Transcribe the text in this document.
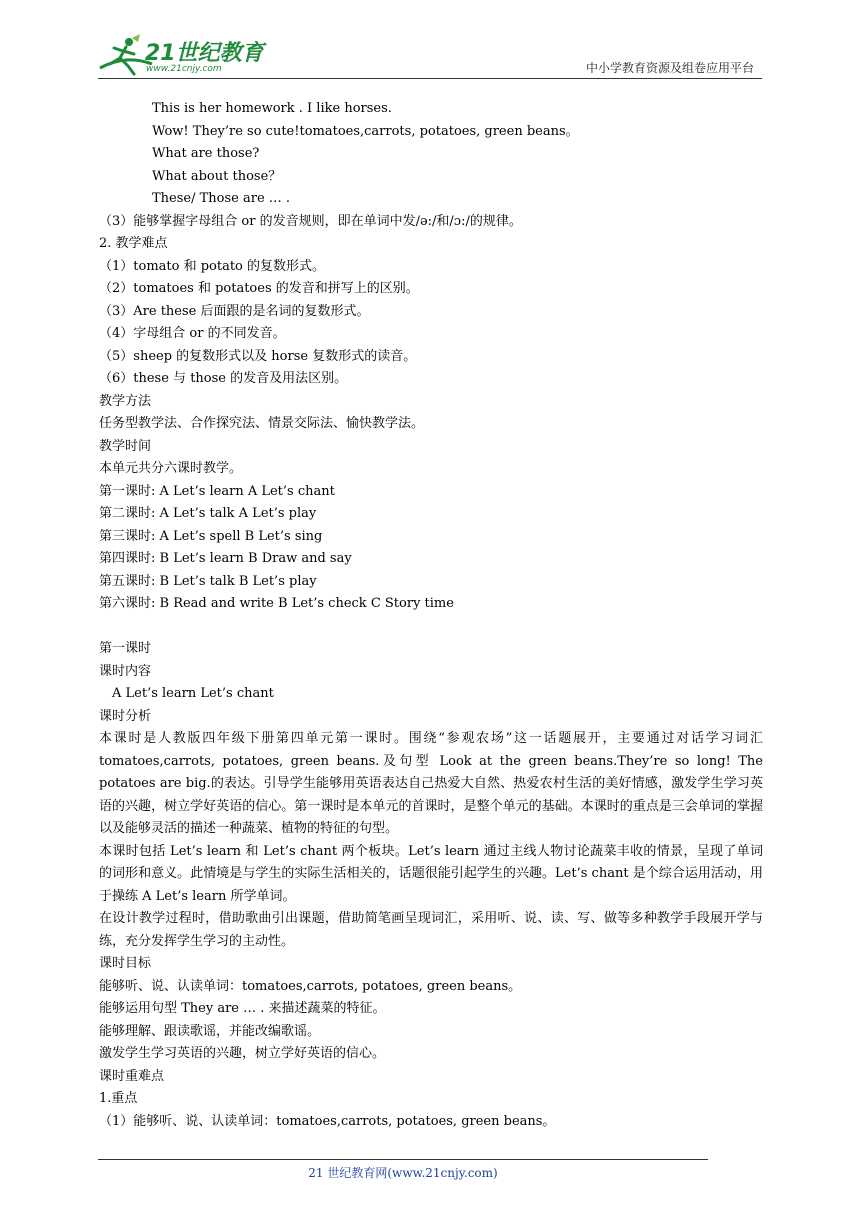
21世纪教育
www.21cnjy.com	中小学教育资源及组卷应用平台
This is her homework . I like horses.
Wow! They’re so cute!tomatoes,carrots, potatoes, green beans。
What are those?
What about those？
These/ Those are … .
（3）能够掌握字母组合 or 的发音规则，即在单词中发/ə:/和/ɔ:/的规律。
2. 教学难点
（1）tomato 和 potato 的复数形式。
（2）tomatoes 和 potatoes 的发音和拼写上的区别。
（3）Are these 后面跟的是名词的复数形式。
（4）字母组合 or 的不同发音。
（5）sheep 的复数形式以及 horse 复数形式的读音。
（6）these 与 those 的发音及用法区别。
教学方法
任务型教学法、合作探究法、情景交际法、愉快教学法。
教学时间
本单元共分六课时教学。
第一课时: A Let’s learn A Let’s chant
第二课时: A Let’s talk A Let’s play
第三课时: A Let’s spell B Let’s sing
第四课时: B Let’s learn B Draw and say
第五课时: B Let’s talk B Let’s play
第六课时: B Read and write B Let’s check C Story time
第一课时
课时内容
A Let’s learn Let’s chant
课时分析
本课时是人教版四年级下册第四单元第一课时。围绕“参观农场”这一话题展开，主要通过对话学习词汇 tomatoes,carrots, potatoes, green beans.及句型 Look at the green beans.They’re so long! The potatoes are big.的表达。引导学生能够用英语表达自己热爱大自然、热爱农村生活的美好情感，激发学生学习英语的兴趣，树立学好英语的信心。第一课时是本单元的首课时，是整个单元的基础。本课时的重点是三会单词的掌握以及能够灵活的描述一种蔬菜、植物的特征的句型。
本课时包括 Let’s learn 和 Let’s chant 两个板块。Let’s learn 通过主线人物讨论蔬菜丰收的情景，呈现了单词的词形和意义。此情境是与学生的实际生活相关的，话题很能引起学生的兴趣。Let’s chant 是个综合运用活动，用于操练 A Let’s learn 所学单词。
在设计教学过程时，借助歌曲引出课题，借助简笔画呈现词汇，采用听、说、读、写、做等多种教学手段展开学与练，充分发挥学生学习的主动性。
课时目标
能够听、说、认读单词：tomatoes,carrots, potatoes, green beans。
能够运用句型 They are … . 来描述蔬菜的特征。
能够理解、跟读歌谣，并能改编歌谣。
激发学生学习英语的兴趣，树立学好英语的信心。
课时重难点
1.重点
（1）能够听、说、认读单词：tomatoes,carrots, potatoes, green beans。
21 世纪教育网(www.21cnjy.com)
